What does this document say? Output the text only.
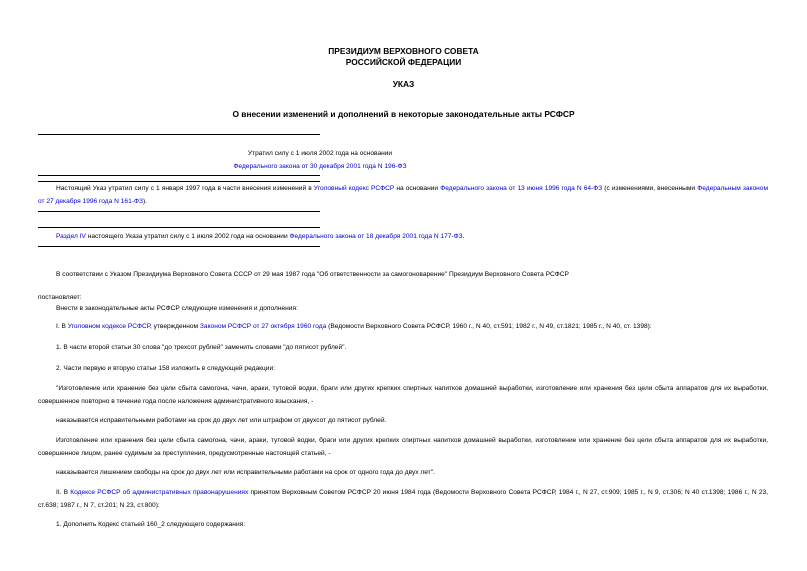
ПРЕЗИДИУМ ВЕРХОВНОГО СОВЕТА
РОССИЙСКОЙ ФЕДЕРАЦИИ
УКАЗ
О внесении изменений и дополнений в некоторые законодательные акты РСФСР
Утратил силу с 1 июля 2002 года на основании
Федерального закона от 30 декабря 2001 года N 196-ФЗ
Настоящий Указ утратил силу с 1 января 1997 года в части внесения изменений в Уголовный кодекс РСФСР на основании Федерального закона от 13 июня 1996 года N 64-ФЗ (с изменениями, внесенными Федеральным законом от 27 декабря 1996 года N 161-ФЗ).
Раздел IV настоящего Указа утратил силу с 1 июля 2002 года на основании Федерального закона от 18 декабря 2001 года N 177-ФЗ.
В соответствии с Указом Президиума Верховного Совета СССР от 29 мая 1987 года "Об ответственности за самогоноварение" Президиум Верховного Совета РСФСР
постановляет:
Внести в законодательные акты РСФСР следующие изменения и дополнения:
I. В Уголовном кодексе РСФСР, утвержденном Законом РСФСР от 27 октября 1960 года (Ведомости Верховного Совета РСФСР, 1960 г., N 40, ст.591; 1982 г., N 49, ст.1821; 1985 г., N 40, ст. 1398):
1. В части второй статьи 30 слова "до трехсот рублей" заменить словами "до пятисот рублей".
2. Части первую и вторую статьи 158 изложить в следующей редакции:
"Изготовление или хранение без цели сбыта самогона, чачи, араки, тутовой водки, браги или других крепких спиртных напитков домашней выработки, изготовление или хранения без цели сбыта аппаратов для их выработки, совершенное повторно в течение года после наложения административного взыскания, -
наказывается исправительными работами на срок до двух лет или штрафом от двухсот до пятисот рублей.
Изготовление или хранения без цели сбыта самогона, чачи, араки, тутовой водки, браги или других крепких спиртных напитков домашней выработки, изготовление или хранение без цели сбыта аппаратов для их выработки, совершенное лицом, ранее судимым за преступления, предусмотренные настоящей статьей, -
наказывается лишением свободы на срок до двух лет или исправительными работами на срок от одного года до двух лет".
II. В Кодексе РСФСР об административных правонарушениях принятом Верховным Советом РСФСР 20 июня 1984 года (Ведомости Верховного Совета РСФСР, 1984 г., N 27, ст.909; 1985 г., N 9, ст.306; N 40 ст.1398; 1986 г., N 23, ст.638; 1987 г., N 7, ст.201; N 23, ст.800):
1. Дополнить Кодекс статьей 160_2 следующего содержания:
